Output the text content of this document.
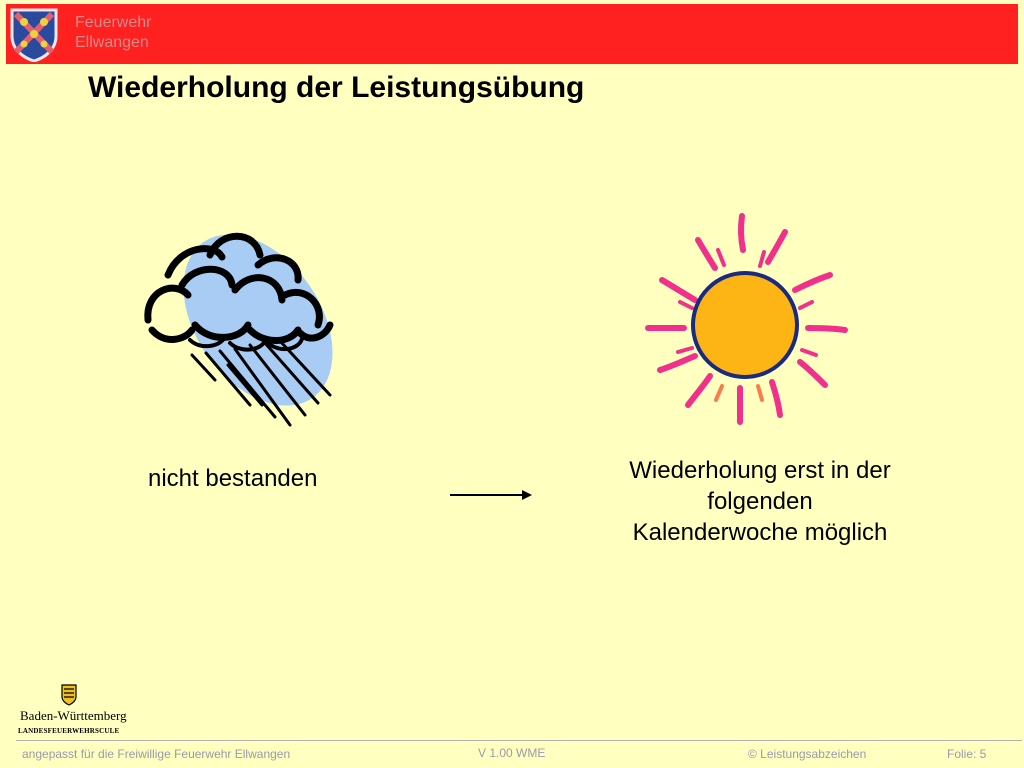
Feuerwehr
Ellwangen
Wiederholung der Leistungsübung
nicht bestanden	Wiederholung erst in der
folgenden
Kalenderwoche möglich
Baden-Württemberg
LANDESFEUERWEHRSCULE
angepasst für die Freiwillige Feuerwehr Ellwangen	V 1.00 WME	© Leistungsabzeichen	Folie: 5
